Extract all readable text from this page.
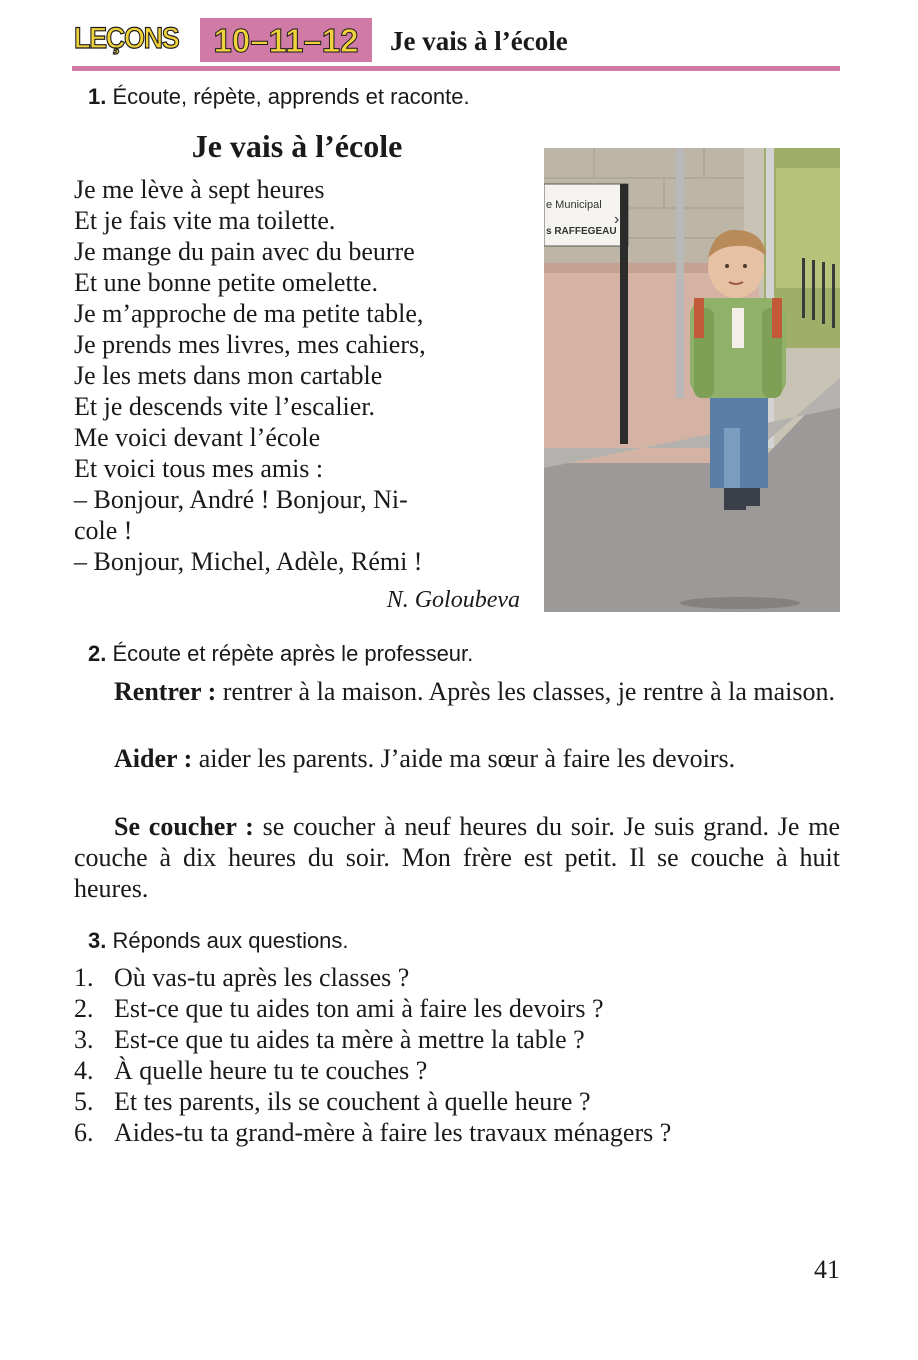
LEÇONS	10–11–12	Je vais à l’école
1. Écoute, répète, apprends et raconte.
Je vais à l’école
Je me lève à sept heures
Et je fais vite ma toilette.
Je mange du pain avec du beurre
Et une bonne petite omelette.
Je m’approche de ma petite table,
Je prends mes livres, mes cahiers,
Je les mets dans mon cartable
Et je descends vite l’escalier.
Me voici devant l’école
Et voici tous mes amis :
– Bonjour, André ! Bonjour, Ni-
cole !
– Bonjour, Michel, Adèle, Rémi !
N. Goloubeva
e Municipal
s RAFFEGEAU
›
2. Écoute et répète après le professeur.
Rentrer : rentrer à la maison. Après les classes, je rentre à la maison.
Aider : aider les parents. J’aide ma sœur à faire les devoirs.
Se coucher : se coucher à neuf heures du soir. Je suis grand. Je me couche à dix heures du soir. Mon frère est petit. Il se couche à huit heures.
3. Réponds aux questions.
1. Où vas-tu après les classes ?
2. Est-ce que tu aides ton ami à faire les devoirs ?
3. Est-ce que tu aides ta mère à mettre la table ?
4. À quelle heure tu te couches ?
5. Et tes parents, ils se couchent à quelle heure ?
6. Aides-tu ta grand-mère à faire les travaux ménagers ?
41
